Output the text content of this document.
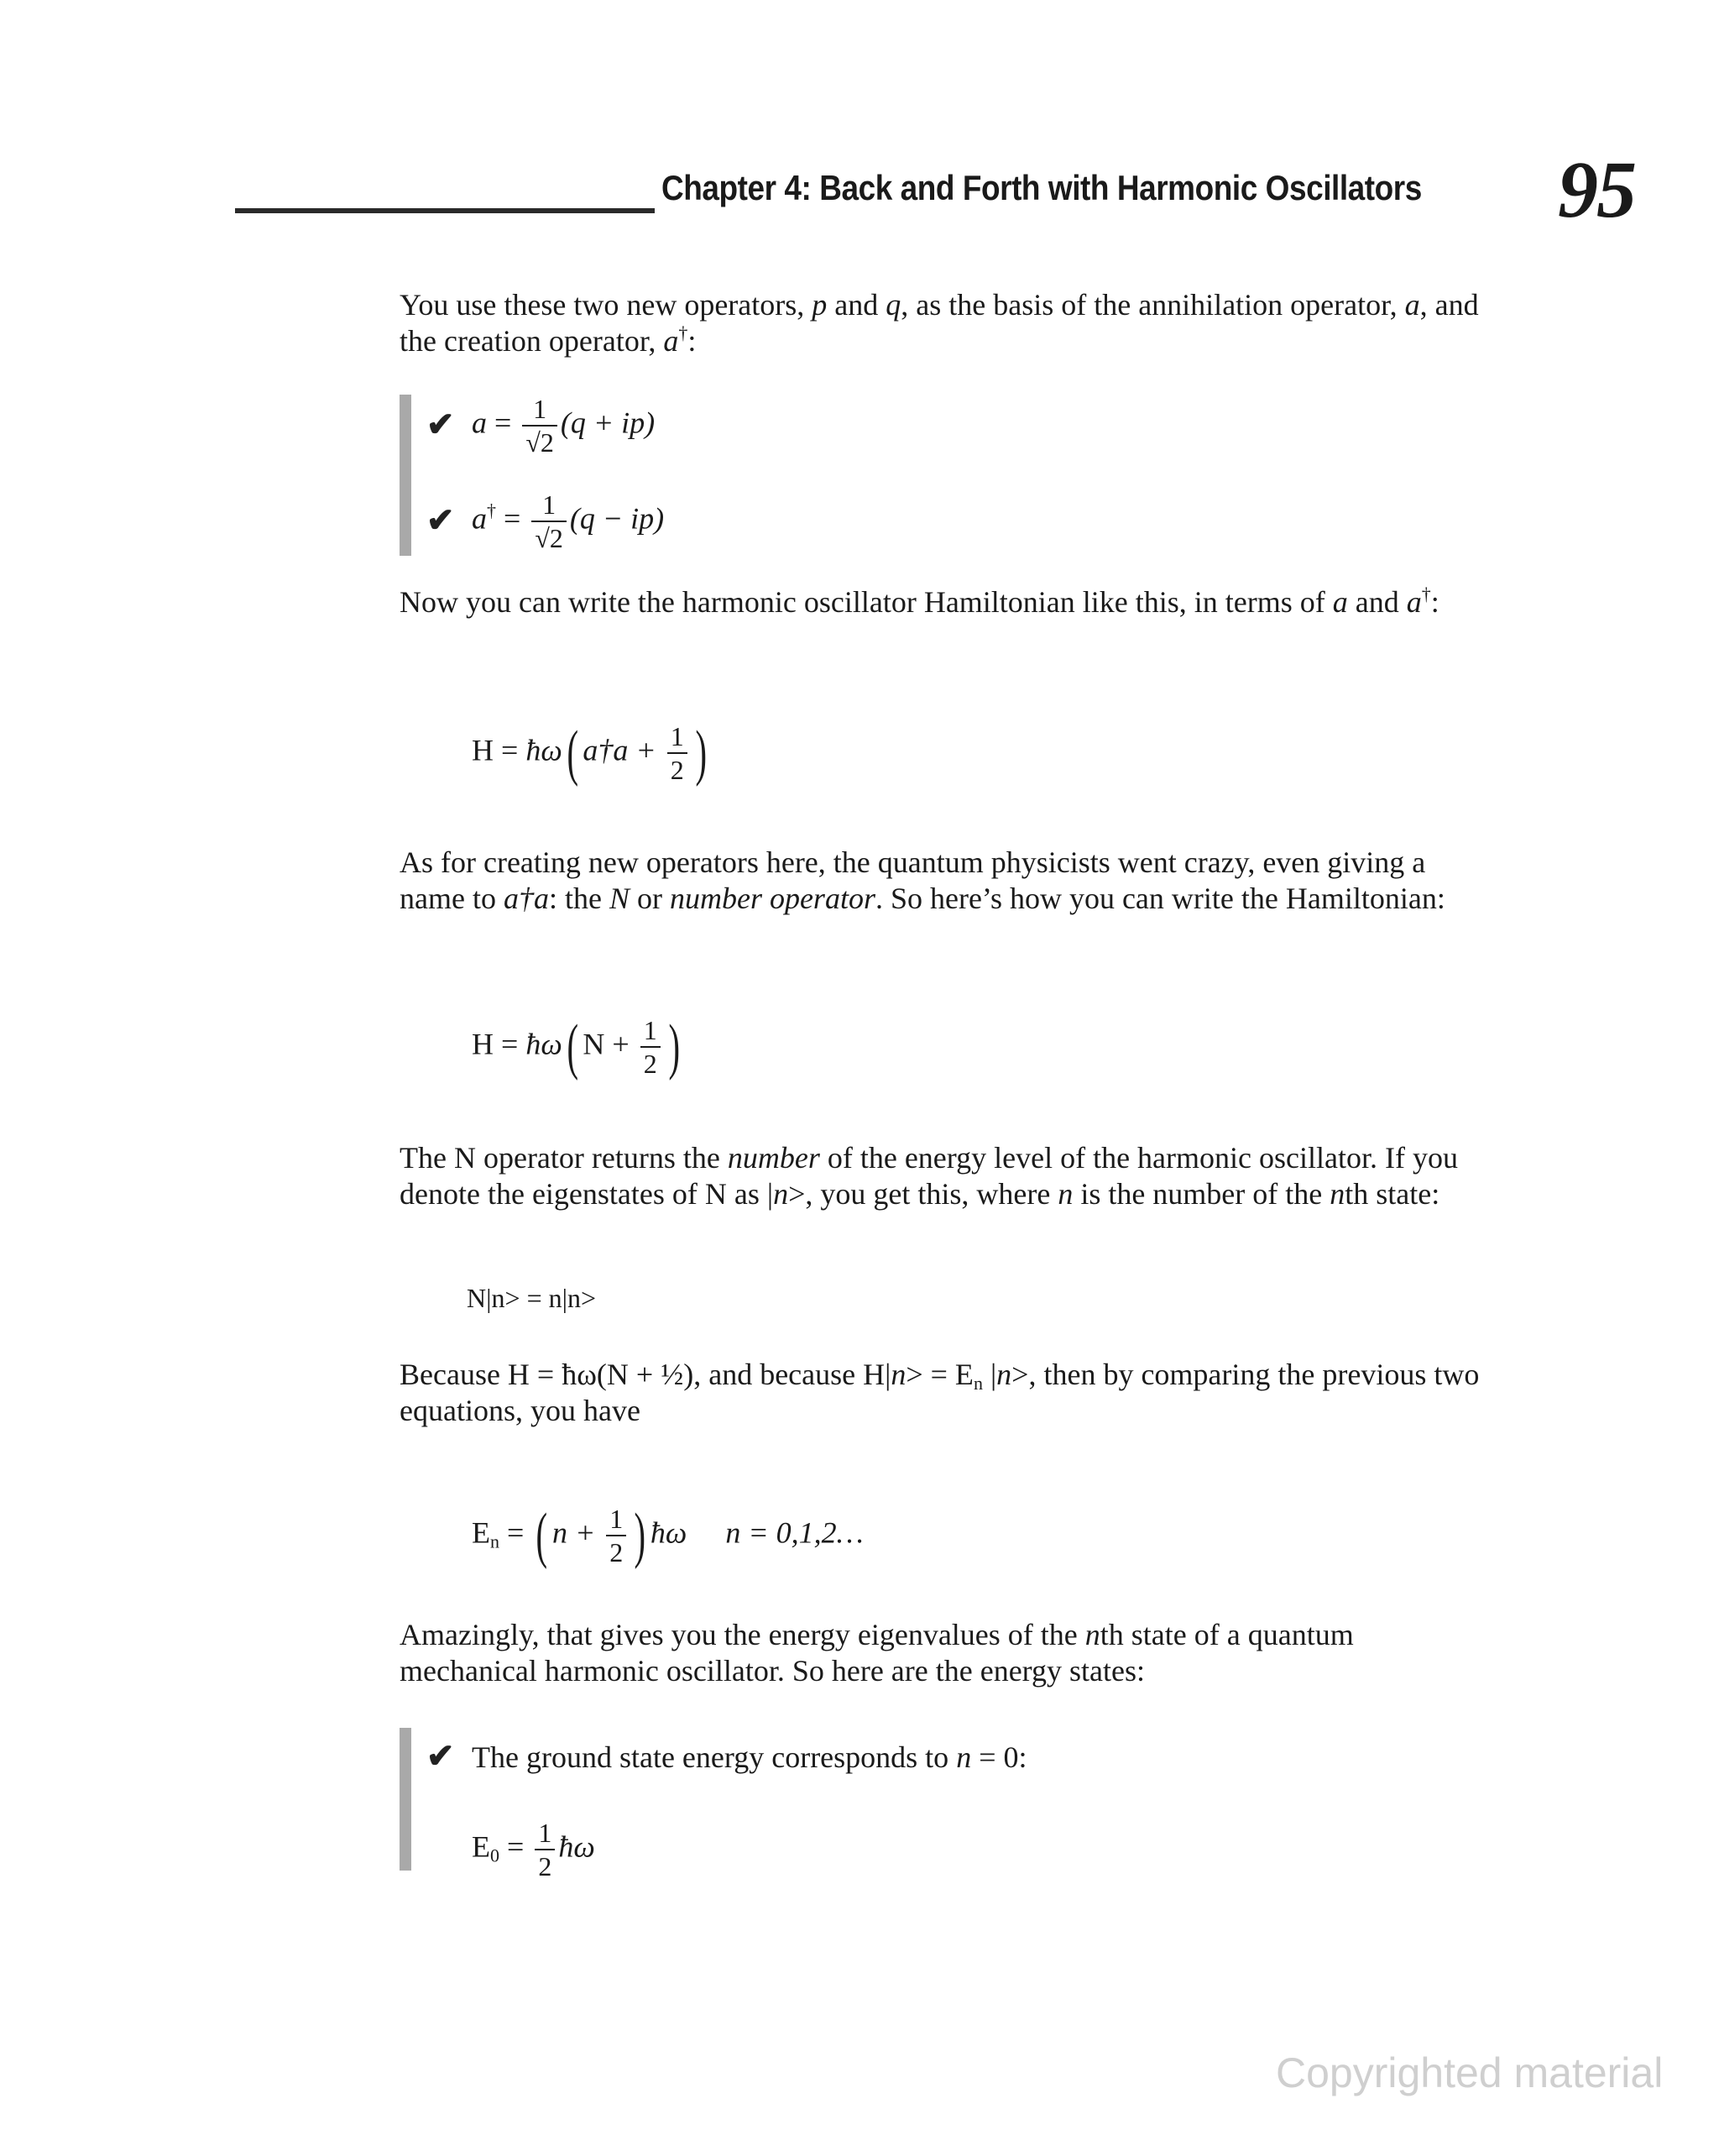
Chapter 4: Back and Forth with Harmonic Oscillators 95
You use these two new operators, p and q, as the basis of the annihilation operator, a, and the creation operator, a†:
✔ $a = \frac{1}{√2} (q + ip)$
✔ $a^\dagger = \frac{1}{√2} (q - ip)$
Now you can write the harmonic oscillator Hamiltonian like this, in terms of a and a†:
H = ħω( a†a + $\frac{1}{2}$ )
As for creating new operators here, the quantum physicists went crazy, even giving a name to a†a: the N or number operator. So here’s how you can write the Hamiltonian:
H = ħω( $N + \frac{1}{2}$ )
The N operator returns the number of the energy level of the harmonic oscillator. If you denote the eigenstates of N as |n>, you get this, where n is the number of the nth state:
N|n> = n|n>
Because H = ħω(N + ½), and because $H|n> = E_n$ |n>, then by comparing the previous two equations, you have
$E_n$ = ( $n + \frac{1}{2}$ ) ħω n = 0,1,2…
Amazingly, that gives you the energy eigenvalues of the nth state of a quantum mechanical harmonic oscillator. So here are the energy states:
✔ The ground state energy corresponds to n = 0:
$E_0 = \frac{1}{2}$ ħω
Copyrighted material
